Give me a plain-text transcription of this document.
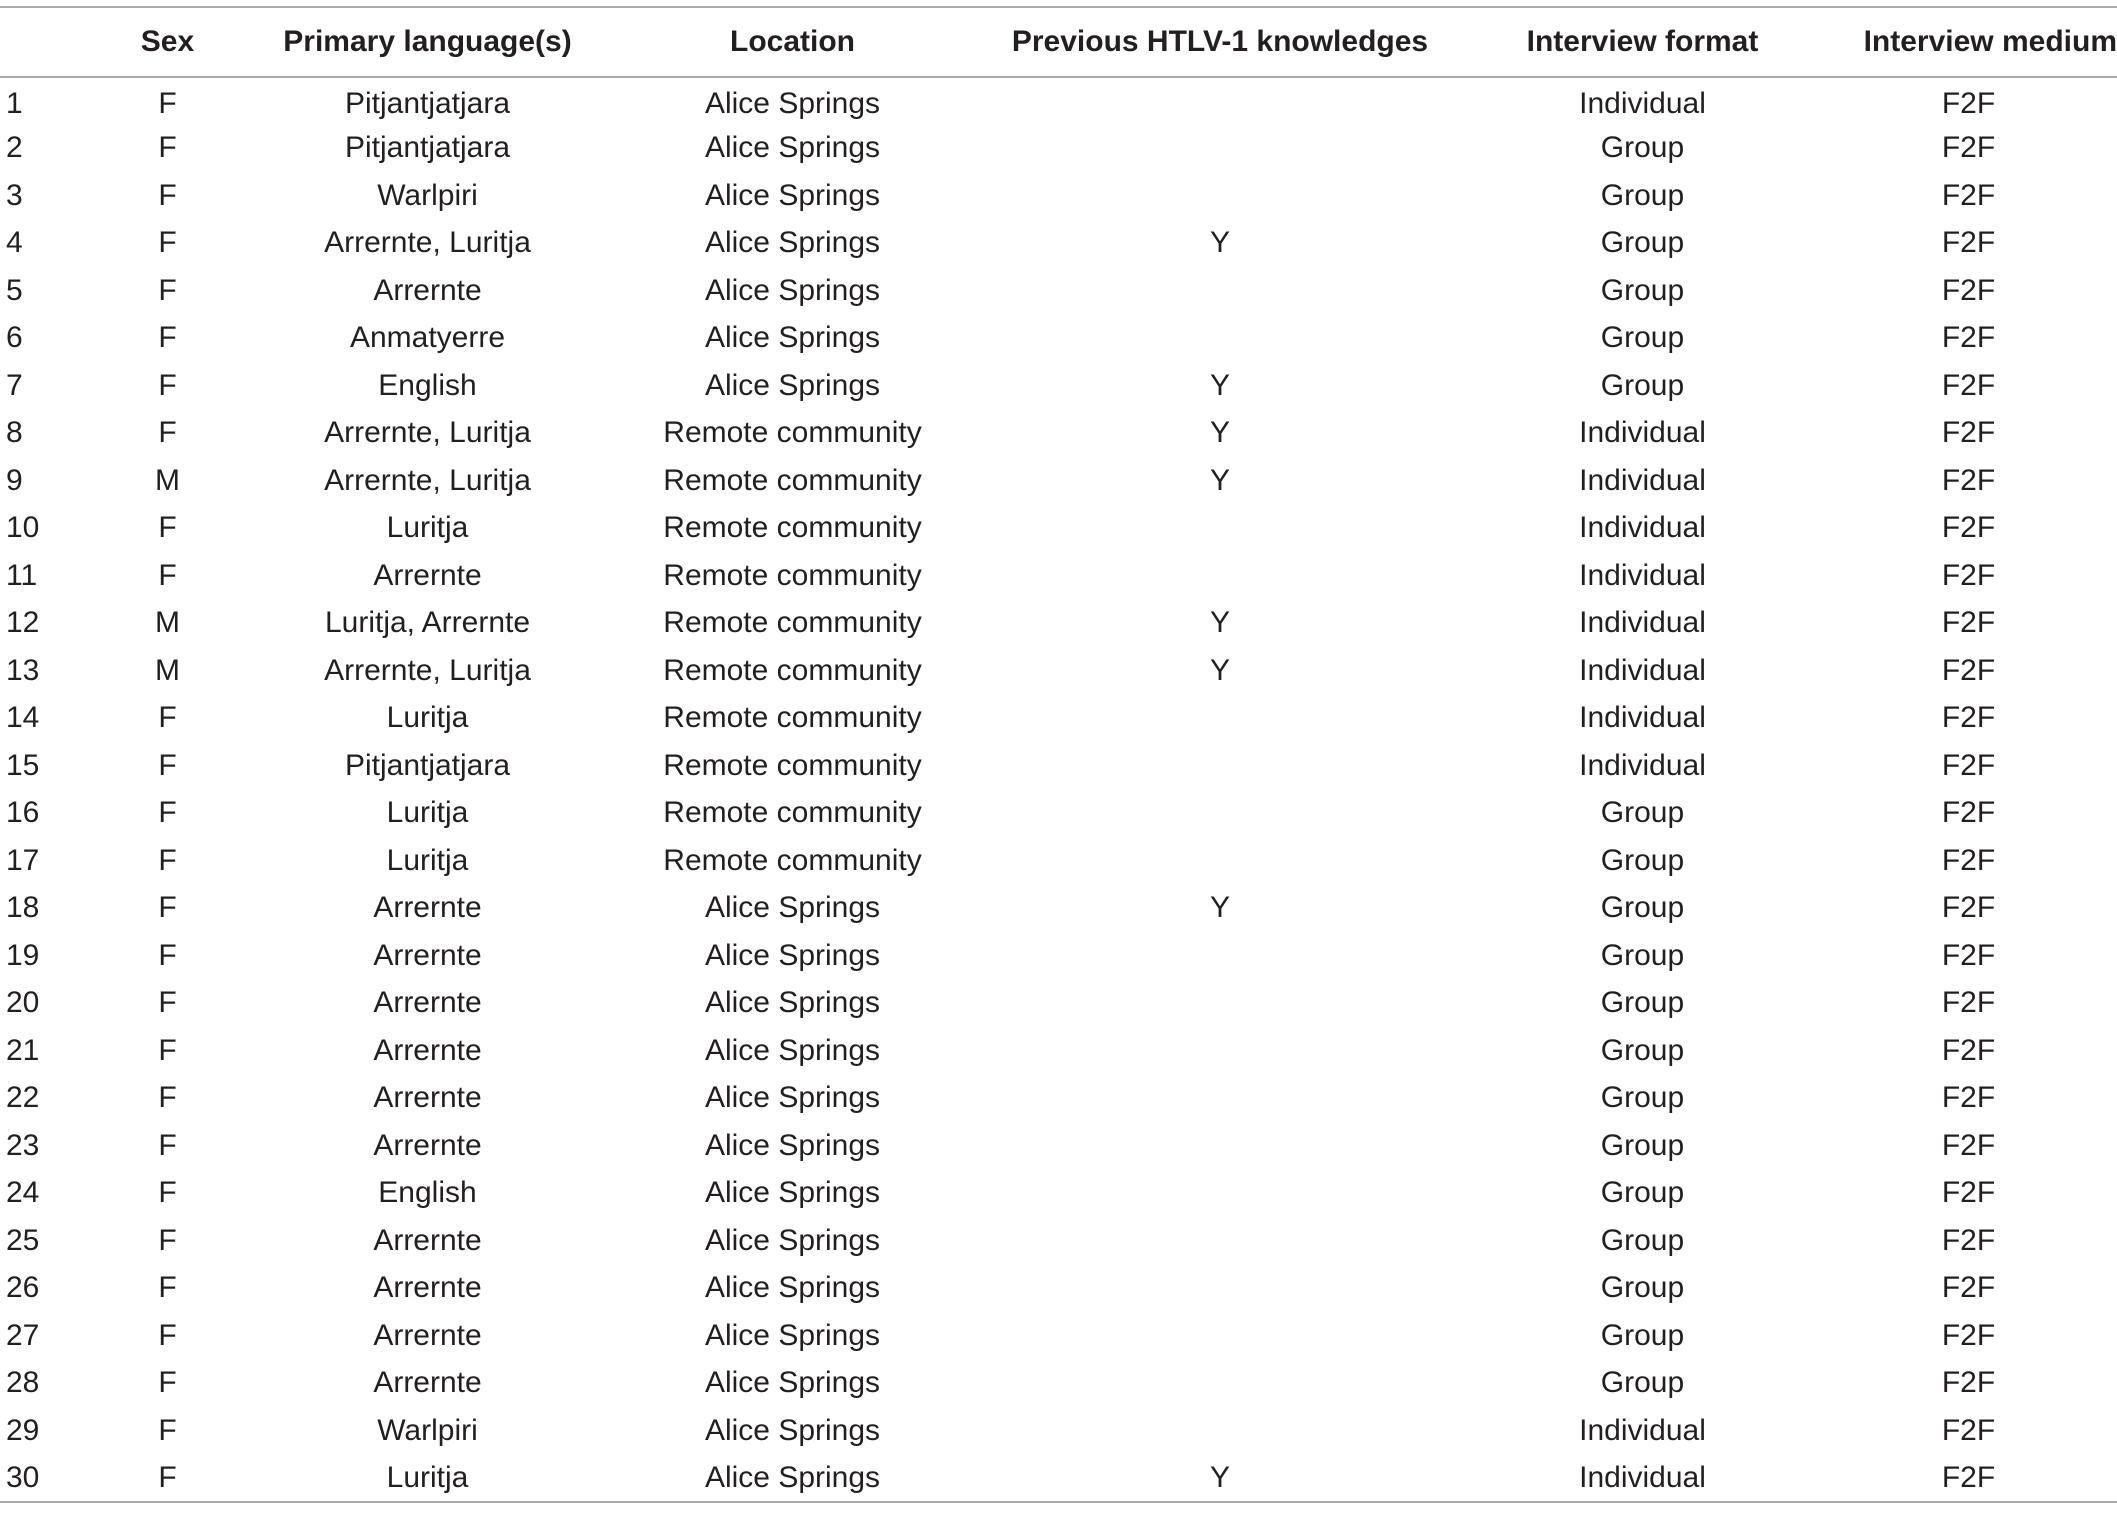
	Sex	Primary language(s)	Location	Previous HTLV-1 knowledges	Interview format	Interview medium
1	F	Pitjantjatjara	Alice Springs		Individual	F2F
2	F	Pitjantjatjara	Alice Springs		Group	F2F
3	F	Warlpiri	Alice Springs		Group	F2F
4	F	Arrernte, Luritja	Alice Springs	Y	Group	F2F
5	F	Arrernte	Alice Springs		Group	F2F
6	F	Anmatyerre	Alice Springs		Group	F2F
7	F	English	Alice Springs	Y	Group	F2F
8	F	Arrernte, Luritja	Remote community	Y	Individual	F2F
9	M	Arrernte, Luritja	Remote community	Y	Individual	F2F
10	F	Luritja	Remote community		Individual	F2F
11	F	Arrernte	Remote community		Individual	F2F
12	M	Luritja, Arrernte	Remote community	Y	Individual	F2F
13	M	Arrernte, Luritja	Remote community	Y	Individual	F2F
14	F	Luritja	Remote community		Individual	F2F
15	F	Pitjantjatjara	Remote community		Individual	F2F
16	F	Luritja	Remote community		Group	F2F
17	F	Luritja	Remote community		Group	F2F
18	F	Arrernte	Alice Springs	Y	Group	F2F
19	F	Arrernte	Alice Springs		Group	F2F
20	F	Arrernte	Alice Springs		Group	F2F
21	F	Arrernte	Alice Springs		Group	F2F
22	F	Arrernte	Alice Springs		Group	F2F
23	F	Arrernte	Alice Springs		Group	F2F
24	F	English	Alice Springs		Group	F2F
25	F	Arrernte	Alice Springs		Group	F2F
26	F	Arrernte	Alice Springs		Group	F2F
27	F	Arrernte	Alice Springs		Group	F2F
28	F	Arrernte	Alice Springs		Group	F2F
29	F	Warlpiri	Alice Springs		Individual	F2F
30	F	Luritja	Alice Springs	Y	Individual	F2F
